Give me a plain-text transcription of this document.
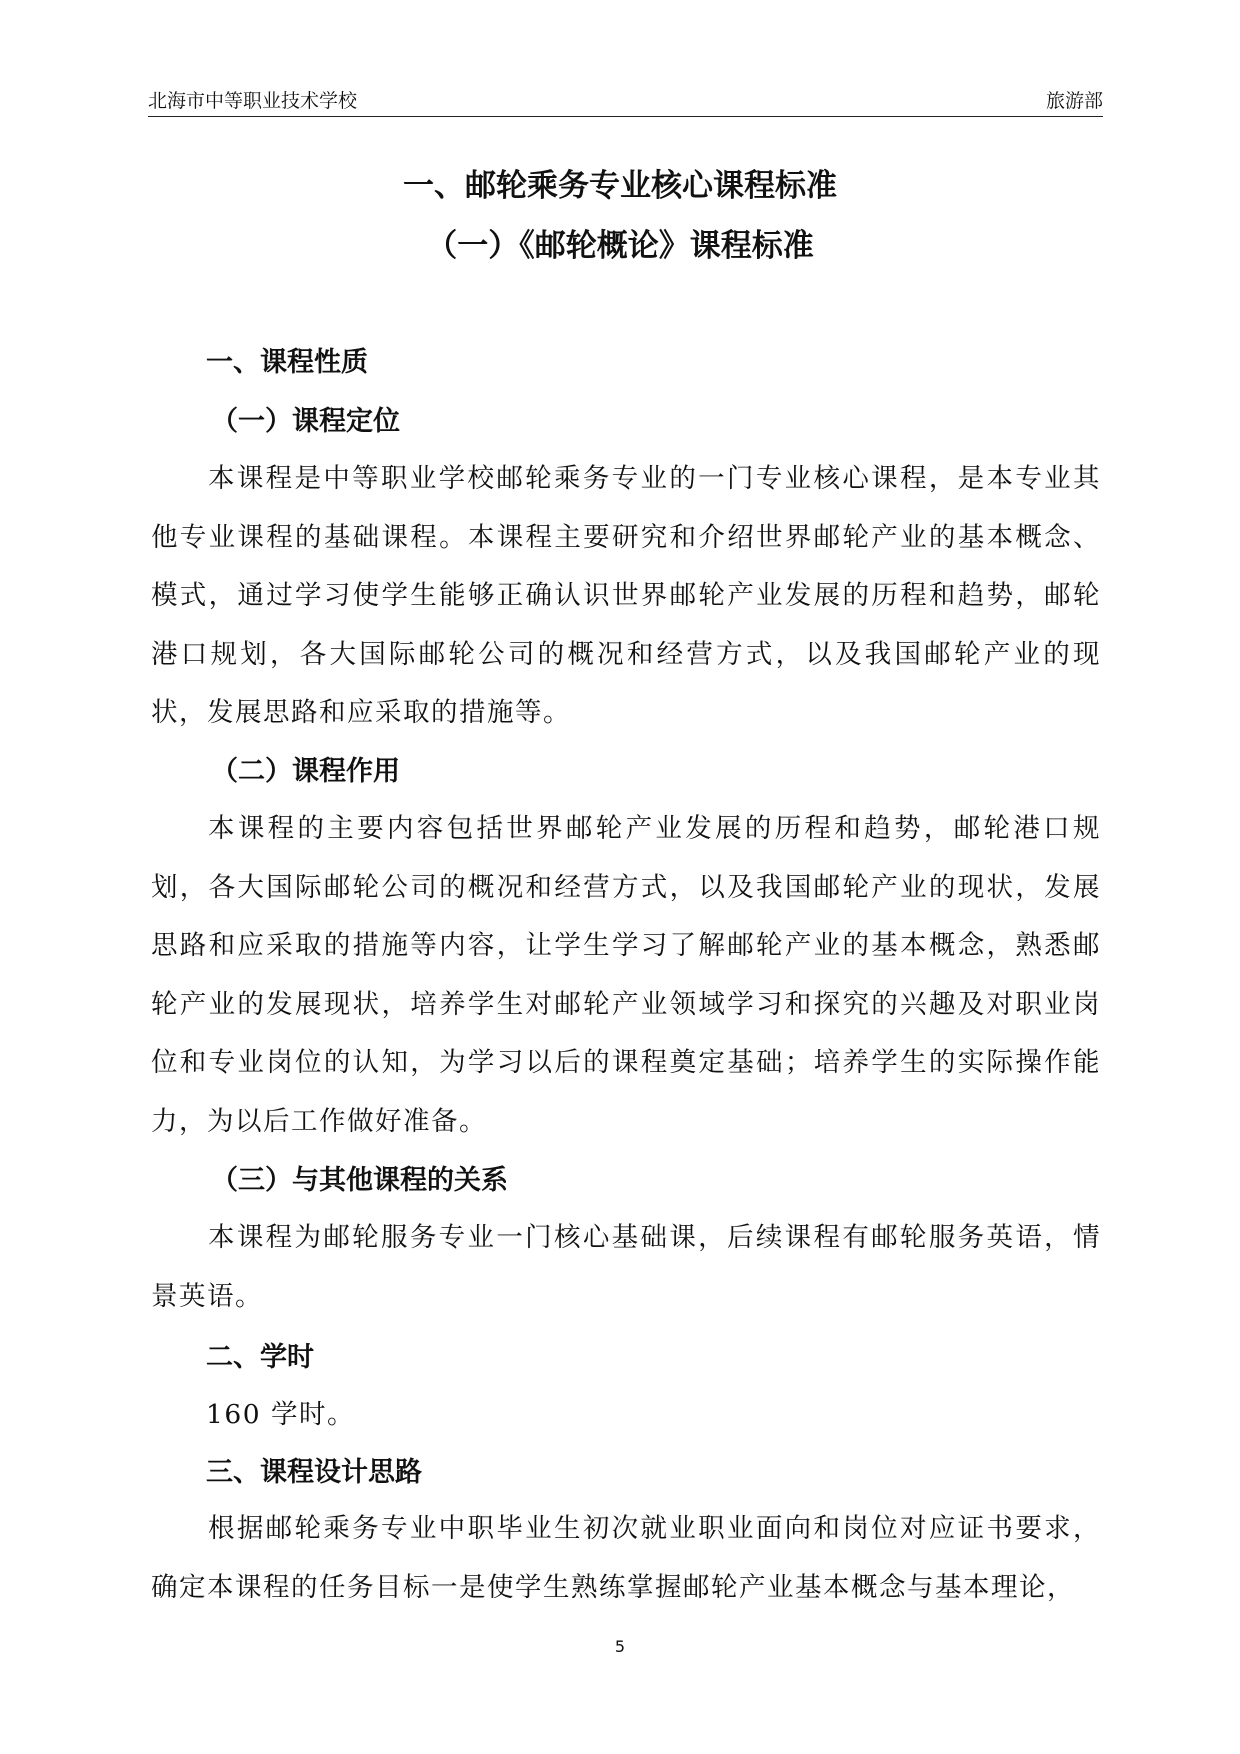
北海市中等职业技术学校	旅游部
一、邮轮乘务专业核心课程标准
（一）《邮轮概论》课程标准
一、课程性质
（一）课程定位

本课程是中等职业学校邮轮乘务专业的一门专业核心课程，是本专业其他专业课程的基础课程。本课程主要研究和介绍世界邮轮产业的基本概念、模式，通过学习使学生能够正确认识世界邮轮产业发展的历程和趋势，邮轮港口规划，各大国际邮轮公司的概况和经营方式，以及我国邮轮产业的现状，发展思路和应采取的措施等。

（二）课程作用

本课程的主要内容包括世界邮轮产业发展的历程和趋势，邮轮港口规划，各大国际邮轮公司的概况和经营方式，以及我国邮轮产业的现状，发展思路和应采取的措施等内容，让学生学习了解邮轮产业的基本概念，熟悉邮轮产业的发展现状，培养学生对邮轮产业领域学习和探究的兴趣及对职业岗位和专业岗位的认知，为学习以后的课程奠定基础；培养学生的实际操作能力，为以后工作做好准备。

（三）与其他课程的关系

本课程为邮轮服务专业一门核心基础课，后续课程有邮轮服务英语，情景英语。

二、学时
160 学时。
三、课程设计思路

根据邮轮乘务专业中职毕业生初次就业职业面向和岗位对应证书要求，确定本课程的任务目标一是使学生熟练掌握邮轮产业基本概念与基本理论，

5
